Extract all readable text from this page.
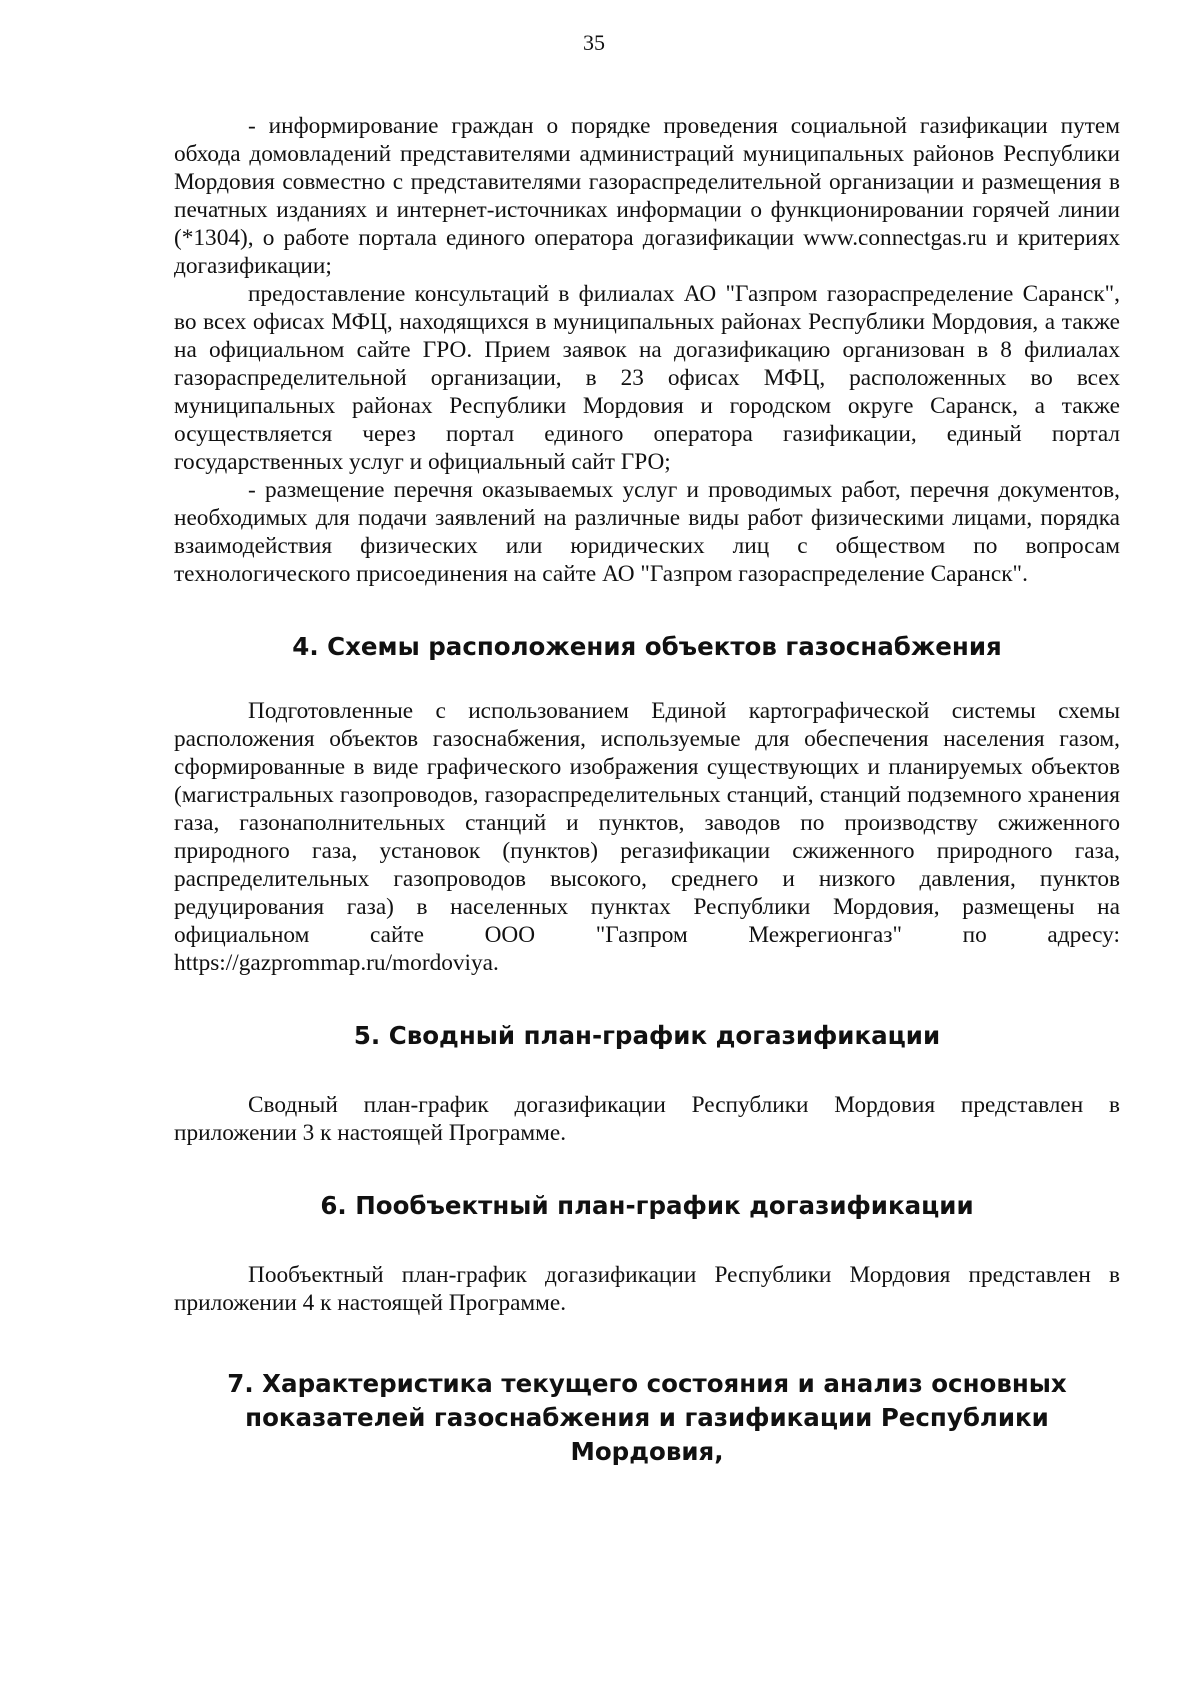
35

- информирование граждан о порядке проведения социальной газификации путем обхода домовладений представителями администраций муниципальных районов Республики Мордовия совместно с представителями газораспределительной организации и размещения в печатных изданиях и интернет-источниках информации о функционировании горячей линии (*1304), о работе портала единого оператора догазификации www.connectgas.ru и критериях догазификации;

предоставление консультаций в филиалах АО "Газпром газораспределение Саранск", во всех офисах МФЦ, находящихся в муниципальных районах Республики Мордовия, а также на официальном сайте ГРО. Прием заявок на догазификацию организован в 8 филиалах газораспределительной организации, в 23 офисах МФЦ, расположенных во всех муниципальных районах Республики Мордовия и городском округе Саранск, а также осуществляется через портал единого оператора газификации, единый портал государственных услуг и официальный сайт ГРО;

- размещение перечня оказываемых услуг и проводимых работ, перечня документов, необходимых для подачи заявлений на различные виды работ физическими лицами, порядка взаимодействия физических или юридических лиц с обществом по вопросам технологического присоединения на сайте АО "Газпром газораспределение Саранск".

4. Схемы расположения объектов газоснабжения

Подготовленные с использованием Единой картографической системы схемы расположения объектов газоснабжения, используемые для обеспечения населения газом, сформированные в виде графического изображения существующих и планируемых объектов (магистральных газопроводов, газораспределительных станций, станций подземного хранения газа, газонаполнительных станций и пунктов, заводов по производству сжиженного природного газа, установок (пунктов) регазификации сжиженного природного газа, распределительных газопроводов высокого, среднего и низкого давления, пунктов редуцирования газа) в населенных пунктах Республики Мордовия, размещены на официальном сайте ООО "Газпром Межрегионгаз" по адресу: https://gazprommap.ru/mordoviya.

5. Сводный план-график догазификации

Сводный план-график догазификации Республики Мордовия представлен в приложении 3 к настоящей Программе.

6. Пообъектный план-график догазификации

Пообъектный план-график догазификации Республики Мордовия представлен в приложении 4 к настоящей Программе.

7. Характеристика текущего состояния и анализ основных
показателей газоснабжения и газификации Республики Мордовия,
